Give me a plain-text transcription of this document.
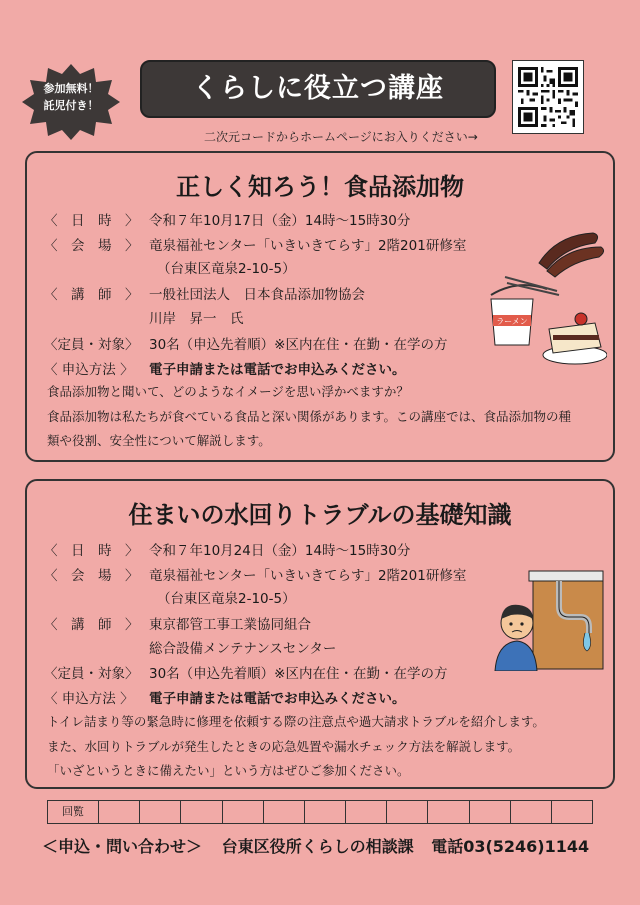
参加無料！
託児付き！
くらしに役立つ講座
二次元コードからホームページにお入りください→
正しく知ろう！食品添加物
〈　日　時　〉 令和７年10月17日（金）14時～15時30分
〈　会　場　〉 竜泉福祉センター「いきいきてらす」2階201研修室
（台東区竜泉2-10-5）
〈　講　師　〉 一般社団法人　日本食品添加物協会
川岸　昇一　氏
〈定員・対象〉 30名（申込先着順）※区内在住・在勤・在学の方
〈 申込方法 〉	電子申請または電話でお申込みください。
食品添加物と聞いて、どのようなイメージを思い浮かべますか？
食品添加物は私たちが食べている食品と深い関係があります。この講座では、食品添加物の種
類や役割、安全性について解説します。
ラーメン
住まいの水回りトラブルの基礎知識
〈　日　時　〉 令和７年10月24日（金）14時～15時30分
〈　会　場　〉 竜泉福祉センター「いきいきてらす」2階201研修室
（台東区竜泉2-10-5）
〈　講　師　〉 東京都管工事工業協同組合
総合設備メンテナンスセンター
〈定員・対象〉 30名（申込先着順）※区内在住・在勤・在学の方
〈 申込方法 〉	電子申請または電話でお申込みください。
トイレ詰まり等の緊急時に修理を依頼する際の注意点や過大請求トラブルを紹介します。
また、水回りトラブルが発生したときの応急処置や漏水チェック方法を解説します。
「いざというときに備えたい」という方はぜひご参加ください。
回覧
＜申込・問い合わせ＞ 台東区役所くらしの相談課 電話03(5246)1144
